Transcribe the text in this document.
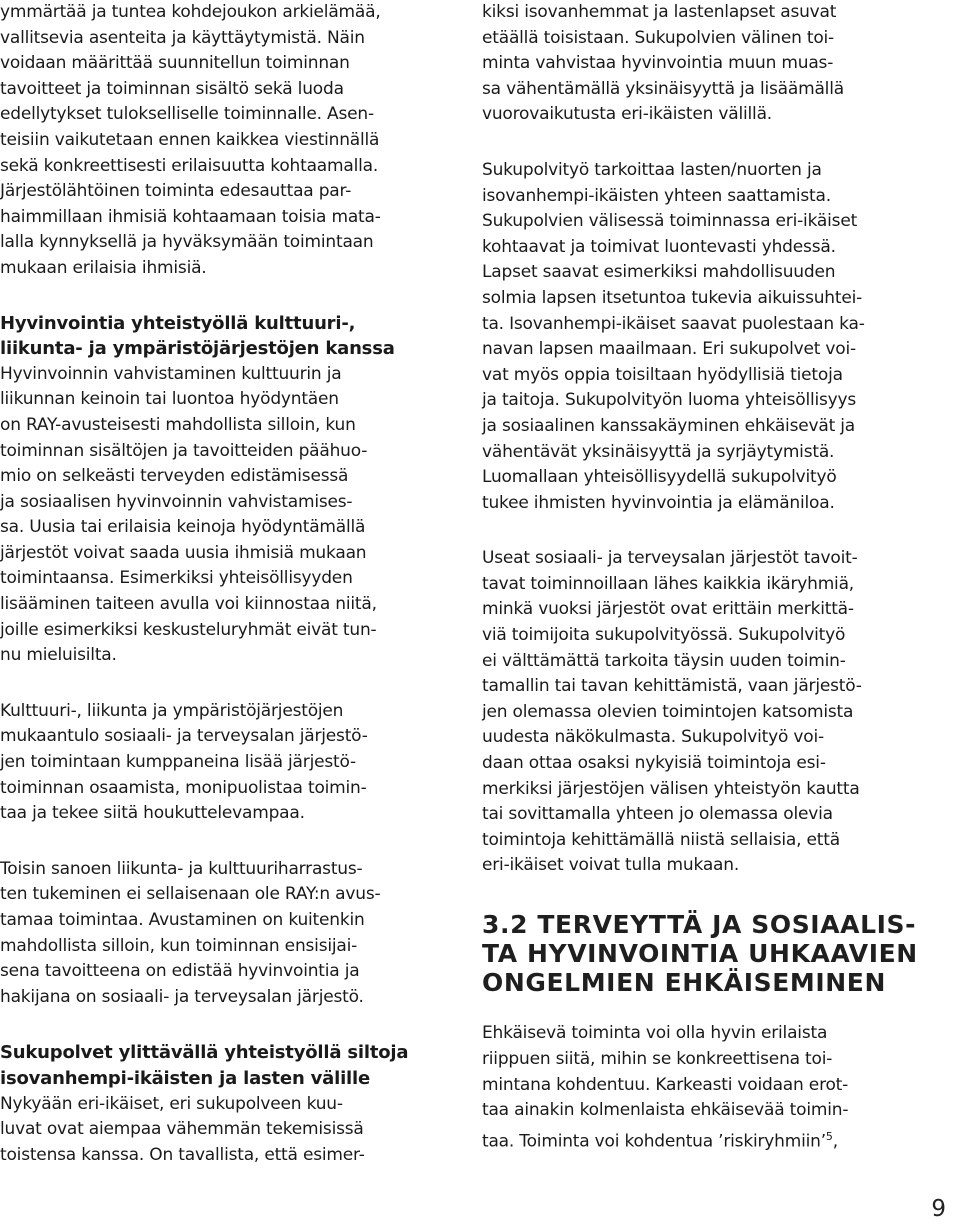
ymmärtää ja tuntea kohdejoukon arkielämää,
vallitsevia asenteita ja käyttäytymistä. Näin
voidaan määrittää suunnitellun toiminnan
tavoitteet ja toiminnan sisältö sekä luoda
edellytykset tulokselliselle toiminnalle. Asen-
teisiin vaikutetaan ennen kaikkea viestinnällä
sekä konkreettisesti erilaisuutta kohtaamalla.
Järjestölähtöinen toiminta edesauttaa par-
haimmillaan ihmisiä kohtaamaan toisia mata-
lalla kynnyksellä ja hyväksymään toimintaan
mukaan erilaisia ihmisiä.

Hyvinvointia yhteistyöllä kulttuuri-,
liikunta- ja ympäristöjärjestöjen kanssa

Hyvinvoinnin vahvistaminen kulttuurin ja
liikunnan keinoin tai luontoa hyödyntäen
on RAY-avusteisesti mahdollista silloin, kun
toiminnan sisältöjen ja tavoitteiden päähuo-
mio on selkeästi terveyden edistämisessä
ja sosiaalisen hyvinvoinnin vahvistamises-
sa. Uusia tai erilaisia keinoja hyödyntämällä
järjestöt voivat saada uusia ihmisiä mukaan
toimintaansa. Esimerkiksi yhteisöllisyyden
lisääminen taiteen avulla voi kiinnostaa niitä,
joille esimerkiksi keskusteluryhmät eivät tun-
nu mieluisilta.

Kulttuuri-, liikunta ja ympäristöjärjestöjen
mukaantulo sosiaali- ja terveysalan järjestö-
jen toimintaan kumppaneina lisää järjestö-
toiminnan osaamista, monipuolistaa toimin-
taa ja tekee siitä houkuttelevampaa.

Toisin sanoen liikunta- ja kulttuuriharrastus-
ten tukeminen ei sellaisenaan ole RAY:n avus-
tamaa toimintaa. Avustaminen on kuitenkin
mahdollista silloin, kun toiminnan ensisijai-
sena tavoitteena on edistää hyvinvointia ja
hakijana on sosiaali- ja terveysalan järjestö.

Sukupolvet ylittävällä yhteistyöllä siltoja
isovanhempi-ikäisten ja lasten välille

Nykyään eri-ikäiset, eri sukupolveen kuu-
luvat ovat aiempaa vähemmän tekemisissä
toistensa kanssa. On tavallista, että esimer-

kiksi isovanhemmat ja lastenlapset asuvat
etäällä toisistaan. Sukupolvien välinen toi-
minta vahvistaa hyvinvointia muun muas-
sa vähentämällä yksinäisyyttä ja lisäämällä
vuorovaikutusta eri-ikäisten välillä.

Sukupolvityö tarkoittaa lasten/nuorten ja
isovanhempi-ikäisten yhteen saattamista.
Sukupolvien välisessä toiminnassa eri-ikäiset
kohtaavat ja toimivat luontevasti yhdessä.
Lapset saavat esimerkiksi mahdollisuuden
solmia lapsen itsetuntoa tukevia aikuissuhtei-
ta. Isovanhempi-ikäiset saavat puolestaan ka-
navan lapsen maailmaan. Eri sukupolvet voi-
vat myös oppia toisiltaan hyödyllisiä tietoja
ja taitoja. Sukupolvityön luoma yhteisöllisyys
ja sosiaalinen kanssakäyminen ehkäisevät ja
vähentävät yksinäisyyttä ja syrjäytymistä.
Luomallaan yhteisöllisyydellä sukupolvityö
tukee ihmisten hyvinvointia ja elämäniloa.

Useat sosiaali- ja terveysalan järjestöt tavoit-
tavat toiminnoillaan lähes kaikkia ikäryhmiä,
minkä vuoksi järjestöt ovat erittäin merkittä-
viä toimijoita sukupolvityössä. Sukupolvityö
ei välttämättä tarkoita täysin uuden toimin-
tamallin tai tavan kehittämistä, vaan järjestö-
jen olemassa olevien toimintojen katsomista
uudesta näkökulmasta. Sukupolvityö voi-
daan ottaa osaksi nykyisiä toimintoja esi-
merkiksi järjestöjen välisen yhteistyön kautta
tai sovittamalla yhteen jo olemassa olevia
toimintoja kehittämällä niistä sellaisia, että
eri-ikäiset voivat tulla mukaan.

3.2 TERVEYTTÄ JA SOSIAALIS-
TA HYVINVOINTIA UHKAAVIEN
ONGELMIEN EHKÄISEMINEN

Ehkäisevä toiminta voi olla hyvin erilaista
riippuen siitä, mihin se konkreettisena toi-
mintana kohdentuu. Karkeasti voidaan erot-
taa ainakin kolmenlaista ehkäisevää toimin-
taa. Toiminta voi kohdentua ’riskiryhmiin’$^5$,

9
